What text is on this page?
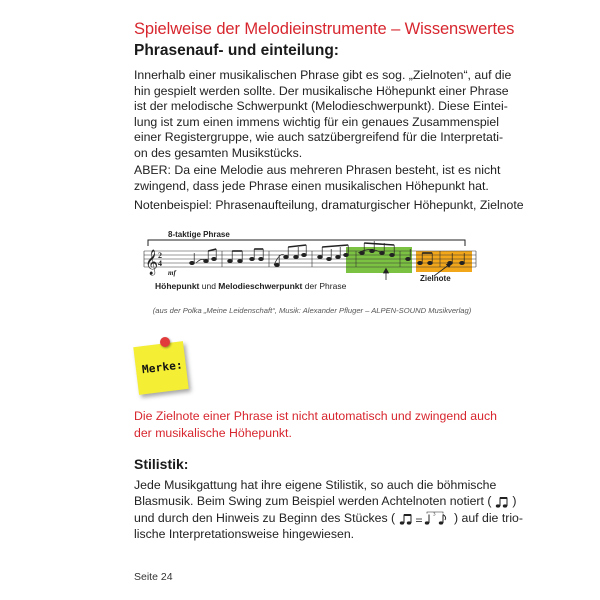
Spielweise der Melodieinstrumente – Wissenswertes
Phrasenauf- und einteilung:
Innerhalb einer musikalischen Phrase gibt es sog. „Zielnoten“, auf die
hin gespielt werden sollte. Der musikalische Höhepunkt einer Phrase
ist der melodische Schwerpunkt (Melodieschwerpunkt). Diese Eintei-
lung ist zum einen immens wichtig für ein genaues Zusammenspiel
einer Registergruppe, wie auch satzübergreifend für die Interpretati-
on des gesamten Musikstücks.
ABER: Da eine Melodie aus mehreren Phrasen besteht, ist es nicht
zwingend, dass jede Phrase einen musikalischen Höhepunkt hat.
Notenbeispiel: Phrasenaufteilung, dramaturgischer Höhepunkt, Zielnote
8-taktige Phrase
𝄞 2
4
mf
Höhepunkt und Melodieschwerpunkt der Phrase
Zielnote
(aus der Polka „Meine Leidenschaft“, Musik: Alexander Pfluger – ALPEN-SOUND Musikverlag)
Merke:
Die Zielnote einer Phrase ist nicht automatisch und zwingend auch
der musikalische Höhepunkt.
Stilistik:
Jede Musikgattung hat ihre eigene Stilistik, so auch die böhmische
Blasmusik. Beim Swing zum Beispiel werden Achtelnoten notiert ( )
und durch den Hinweis zu Beginn des Stückes (	3 ) auf die trio-
lische Interpretationsweise hingewiesen.
Seite 24
